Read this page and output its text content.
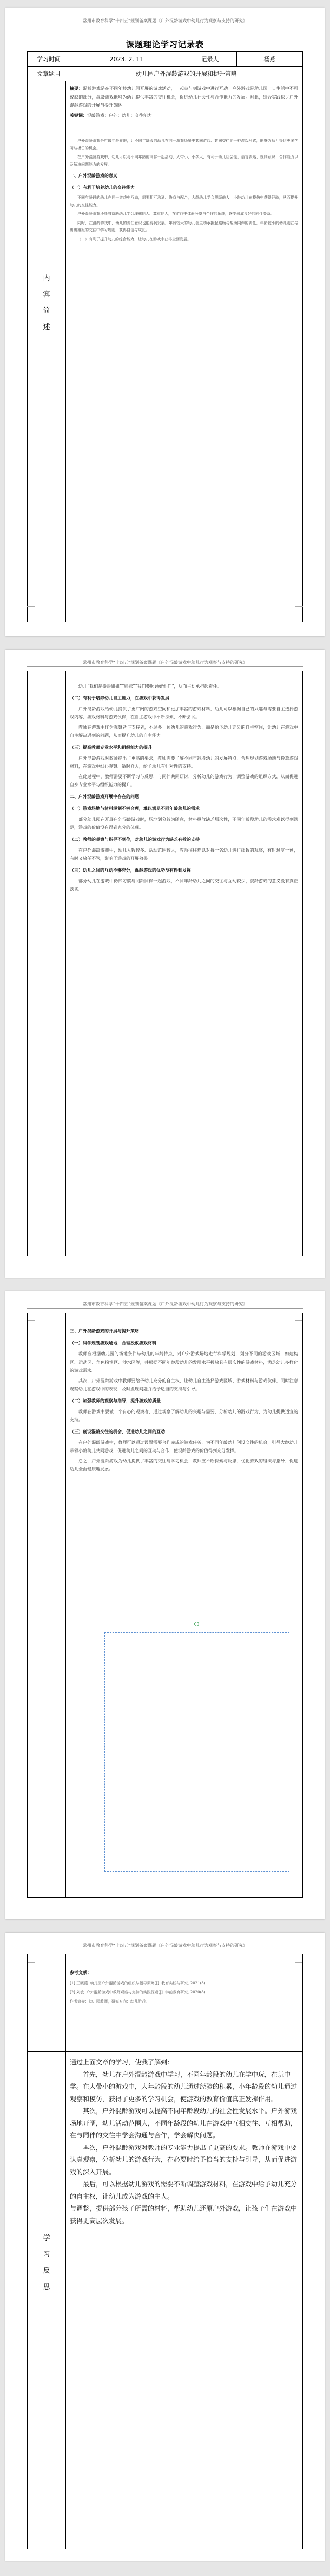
常州市教育科学“十四五”规划备案课题《户外混龄游戏中幼儿行为观察与支持的研究》
课题理论学习记录表
学习时间	2023. 2. 11	记录人	杨燕
文章题目	幼儿园户外混龄游戏的开展和提升策略		
内
容
简
述

摘要：混龄游戏是在不同年龄幼儿间开展的游戏活动，一起参与到游戏中进行互动。户外游戏是幼儿园一日生活中不可或缺的部分，混龄游戏能够为幼儿提供丰富的交往机会，促进幼儿社会性与合作能力的发展。对此，结合实践探讨户外混龄游戏的开展与提升策略。

关键词：混龄游戏；户外；幼儿；交往能力

户外混龄游戏是打破年龄界限，让不同年龄段的幼儿在同一游戏场景中共同游戏、共同交往的一种游戏形式，能够为幼儿提供更多学习与模仿的机会。

在户外混龄游戏中，幼儿可以与不同年龄的同伴一起活动，大带小、小学大，有利于幼儿社会性、语言表达、规则意识、合作能力以及解决问题能力的发展。

一、户外混龄游戏的意义
（一）有利于培养幼儿的交往能力

不同年龄段的幼儿在同一游戏中互动，需要相互沟通、协商与配合，大龄幼儿学会照顾他人，小龄幼儿在模仿中获得经验，从而提升幼儿的交往能力。

户外混龄游戏还能够帮助幼儿学会理解他人、尊重他人，在游戏中体验分享与合作的乐趣，逐步形成良好的同伴关系。

同时，在混龄游戏中，幼儿的责任意识也能得到发展，年龄较大的幼儿会主动承担起照顾与帮助同伴的责任，年龄较小的幼儿则在与哥哥姐姐的交往中学习规则，获得自信与成长。

（二）有利于提升幼儿的综合能力，让幼儿在游戏中获得全面发展。

常州市教育科学“十四五”规划备案课题《户外混龄游戏中幼儿行为观察与支持的研究》

幼儿“我们是哥哥姐姐”“妹妹”“我们要照顾好他们”，从而主动承担起责任。

（二）有利于培养幼儿自主能力，在游戏中获得发展

户外混龄游戏给幼儿提供了更广阔的游戏空间和更加丰富的游戏材料，幼儿可以根据自己的兴趣与需要自主选择游戏内容、游戏材料与游戏伙伴，在自主游戏中不断探索、不断尝试。

教师在游戏中作为观察者与支持者，不过多干预幼儿的游戏行为，而是给予幼儿充分的自主空间，让幼儿在游戏中自主解决遇到的问题，从而提升幼儿的自主能力。

（三）提高教师专业水平和组织能力的提升

户外混龄游戏对教师提出了更高的要求，教师需要了解不同年龄段幼儿的发展特点，合理规划游戏场地与投放游戏材料，在游戏中细心观察、适时介入，给予幼儿有针对性的支持。

在此过程中，教师需要不断学习与反思，与同伴共同研讨，分析幼儿的游戏行为，调整游戏的组织方式，从而促进自身专业水平与组织能力的提升。

二、户外混龄游戏开展中存在的问题
（一）游戏场地与材料规划不够合理，难以满足不同年龄幼儿的需求

部分幼儿园在开展户外混龄游戏时，场地划分较为随意，材料投放缺乏层次性，不同年龄段幼儿的需求难以得到满足，游戏的价值没有得到充分的体现。

（二）教师的观察与指导不到位，对幼儿的游戏行为缺乏有效的支持

在户外混龄游戏中，幼儿人数较多、活动范围较大，教师往往难以对每一名幼儿进行细致的观察，有时过度干预，有时又放任不管，影响了游戏的开展效果。

（三）幼儿之间的互动不够充分，混龄游戏的优势没有得到发挥

部分幼儿在游戏中仍然习惯与同龄同伴一起游戏，不同年龄幼儿之间的交往与互动较少，混龄游戏的意义没有真正落实。

常州市教育科学“十四五”规划备案课题《户外混龄游戏中幼儿行为观察与支持的研究》
三、户外混龄游戏的开展与提升策略
（一）科学规划游戏场地，合理投放游戏材料

教师应根据幼儿园的场地条件与幼儿的年龄特点，对户外游戏场地进行科学规划，划分不同的游戏区域，如建构区、运动区、角色扮演区、沙水区等，并根据不同年龄段幼儿的发展水平投放具有层次性的游戏材料，满足幼儿多样化的游戏需求。

其次，户外混龄游戏中教师要给予幼儿充分的自主权，让幼儿自主选择游戏区域、游戏材料与游戏伙伴，同时注意观察幼儿在游戏中的表现，及时发现问题并给予适当的支持与引导。

（二）加强教师的观察与指导，提升游戏的质量

教师在游戏中要做一个有心的观察者，通过观察了解幼儿的兴趣与需要，分析幼儿的游戏行为，为幼儿提供适宜的支持。

（三）创设混龄交往的机会，促进幼儿之间的互动

在户外混龄游戏中，教师可以通过设置需要合作完成的游戏任务，为不同年龄幼儿创设交往的机会，引导大龄幼儿带领小龄幼儿共同游戏，促进幼儿之间的互动与合作，使混龄游戏的价值得到充分发挥。

总之，户外混龄游戏为幼儿提供了丰富的交往与学习机会，教师应不断探索与反思，优化游戏的组织与指导，促进幼儿全面健康地发展。

常州市教育科学“十四五”规划备案课题《户外混龄游戏中幼儿行为观察与支持的研究》
参考文献：

[1] 王晓燕. 幼儿园户外混龄游戏的组织与指导策略[J]. 教育实践与研究, 2021(3).

[2] 刘敏. 户外混龄游戏中教师观察与支持的实践探索[J]. 学前教育研究, 2020(8).

作者简介：幼儿园教师，研究方向：幼儿游戏。

学
习
反
思

通过上面文章的学习，使我了解到：

首先，幼儿在户外混龄游戏中学习，不同年龄段的幼儿在学中玩，在玩中学。在大带小的游戏中，大年龄段的幼儿通过经验的积累，小年龄段的幼儿通过观察和模仿，获得了更多的学习机会，使游戏的教育价值真正发挥作用。

其次，户外混龄游戏可以提高不同年龄段幼儿的社会性发展水平。户外游戏场地开阔，幼儿活动范围大，不同年龄段的幼儿在游戏中互相交往、互相帮助，在与同伴的交往中学会沟通与合作，学会解决问题。

再次，户外混龄游戏对教师的专业能力提出了更高的要求。教师在游戏中要认真观察，分析幼儿的游戏行为，在必要时给予恰当的支持与引导，从而促进游戏的深入开展。

最后，可以根据幼儿游戏的需要不断调整游戏材料，在游戏中给予幼儿充分的自主权，让幼儿成为游戏的主人。

与调整，提供部分孩子所需的材料，帮助幼儿还原户外游戏，让孩子们在游戏中获得更高层次发展。
